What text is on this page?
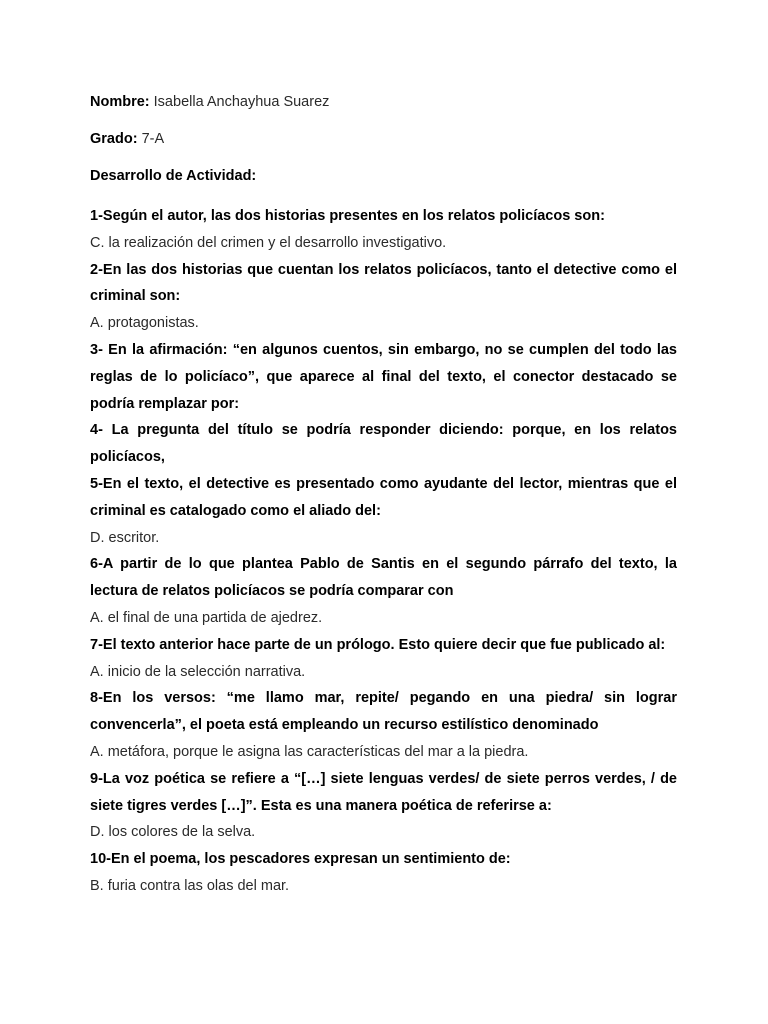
Nombre: Isabella Anchayhua Suarez

Grado: 7-A

Desarrollo de Actividad:

1-Según el autor, las dos historias presentes en los relatos policíacos son:

C. la realización del crimen y el desarrollo investigativo.

2-En las dos historias que cuentan los relatos policíacos, tanto el detective como el criminal son:

A. protagonistas.

3- En la afirmación: “en algunos cuentos, sin embargo, no se cumplen del todo las reglas de lo policíaco”, que aparece al final del texto, el conector destacado se podría remplazar por:

4- La pregunta del título se podría responder diciendo: porque, en los relatos policíacos,

5-En el texto, el detective es presentado como ayudante del lector, mientras que el criminal es catalogado como el aliado del:

D. escritor.

6-A partir de lo que plantea Pablo de Santis en el segundo párrafo del texto, la lectura de relatos policíacos se podría comparar con

A. el final de una partida de ajedrez.

7-El texto anterior hace parte de un prólogo. Esto quiere decir que fue publicado al:

A. inicio de la selección narrativa.

8-En los versos: “me llamo mar, repite/ pegando en una piedra/ sin lograr convencerla”, el poeta está empleando un recurso estilístico denominado

A. metáfora, porque le asigna las características del mar a la piedra.

9-La voz poética se refiere a “[…] siete lenguas verdes/ de siete perros verdes, / de siete tigres verdes […]”. Esta es una manera poética de referirse a:

D. los colores de la selva.

10-En el poema, los pescadores expresan un sentimiento de:

B. furia contra las olas del mar.
